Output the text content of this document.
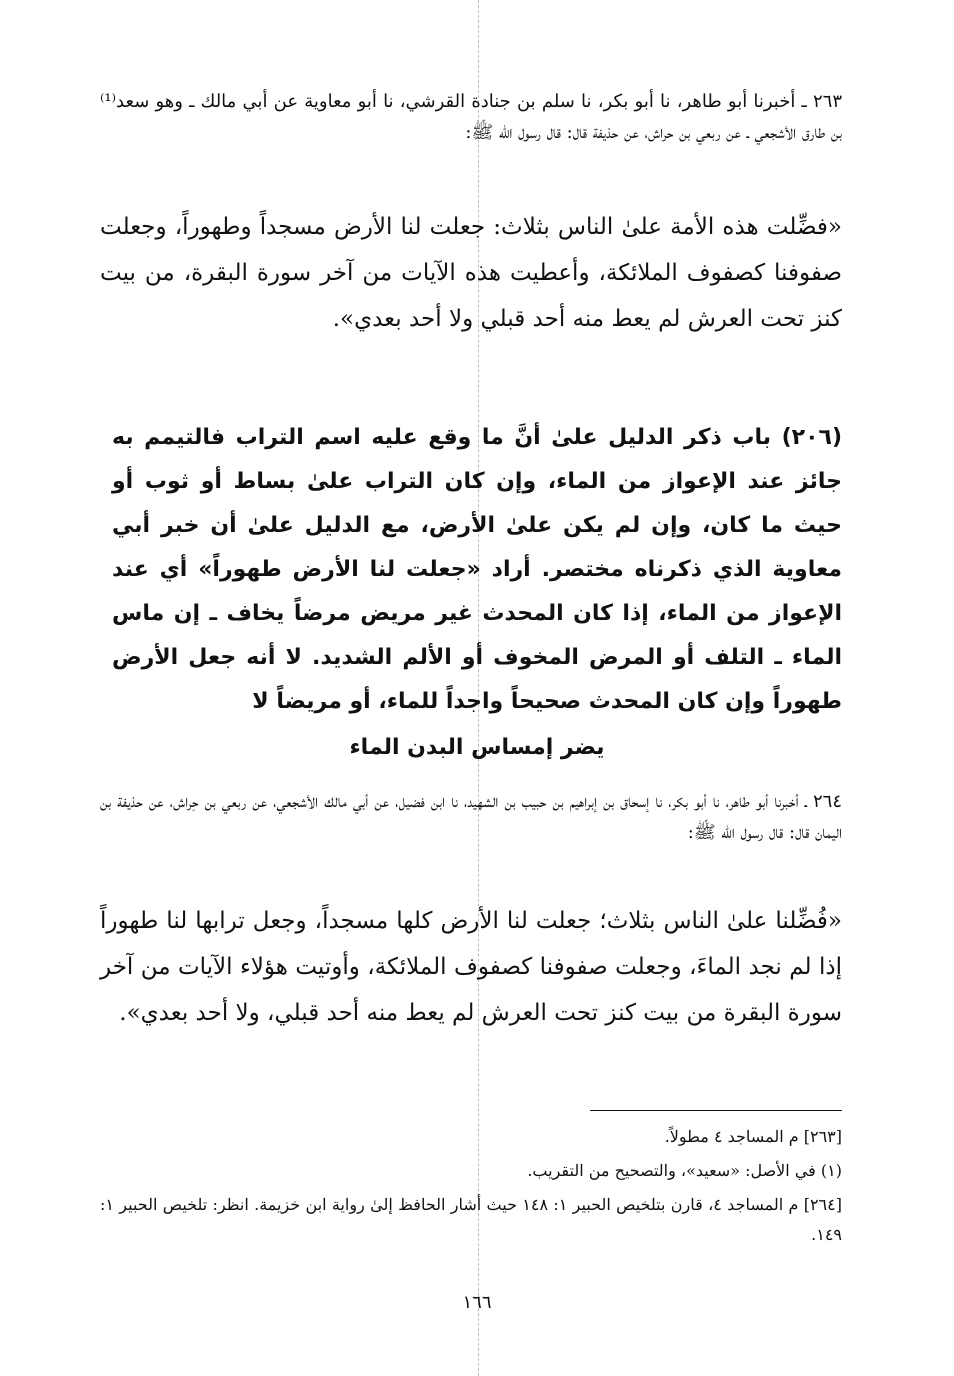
٢٦٣ ـ أخبرنا أبو طاهر، نا أبو بكر، نا سلم بن جنادة القرشي، نا أبو معاوية عن أبي مالك ـ وهو سعد⁽¹⁾ بن طارق الأشجعي ـ عن ربعي بن حراش، عن حذيفة قال: قال رسول الله ﷺ:

«فضِّلت هذه الأمة علىٰ الناس بثلاث: جعلت لنا الأرض مسجداً وطهوراً، وجعلت صفوفنا كصفوف الملائكة، وأعطيت هذه الآيات من آخر سورة البقرة، من بيت كنز تحت العرش لم يعط منه أحد قبلي ولا أحد بعدي».

(٢٠٦) باب ذكر الدليل علىٰ أنَّ ما وقع عليه اسم التراب فالتيمم به جائز عند الإعواز من الماء، وإن كان التراب علىٰ بساط أو ثوب أو حيث ما كان، وإن لم يكن علىٰ الأرض، مع الدليل علىٰ أن خبر أبي معاوية الذي ذكرناه مختصر. أراد «جعلت لنا الأرض طهوراً» أي عند الإعواز من الماء، إذا كان المحدث غير مريض مرضاً يخاف ـ إن ماس الماء ـ التلف أو المرض المخوف أو الألم الشديد. لا أنه جعل الأرض طهوراً وإن كان المحدث صحيحاً واجداً للماء، أو مريضاً لا

يضر إمساس البدن الماء

٢٦٤ ـ أخبرنا أبو طاهر، نا أبو بكر، نا إسحاق بن إبراهيم بن حبيب بن الشهيد، نا ابن فضيل، عن أبي مالك الأشجعي، عن ربعي بن حِراش، عن حذيفة بن اليمان قال: قال رسول الله ﷺ:

«فُضِّلنا علىٰ الناس بثلاث؛ جعلت لنا الأرض كلها مسجداً، وجعل ترابها لنا طهوراً إذا لم نجد الماءَ، وجعلت صفوفنا كصفوف الملائكة، وأوتيت هؤلاء الآيات من آخر سورة البقرة من بيت كنز تحت العرش لم يعط منه أحد قبلي، ولا أحد بعدي».

[٢٦٣] م المساجد ٤ مطولاً.

(١) في الأصل: «سعيد»، والتصحيح من التقريب.

[٢٦٤] م المساجد ٤، قارن بتلخيص الحبير ١: ١٤٨ حيث أشار الحافظ إلىٰ رواية ابن خزيمة. انظر: تلخيص الحبير ١: ١٤٩.

١٦٦
